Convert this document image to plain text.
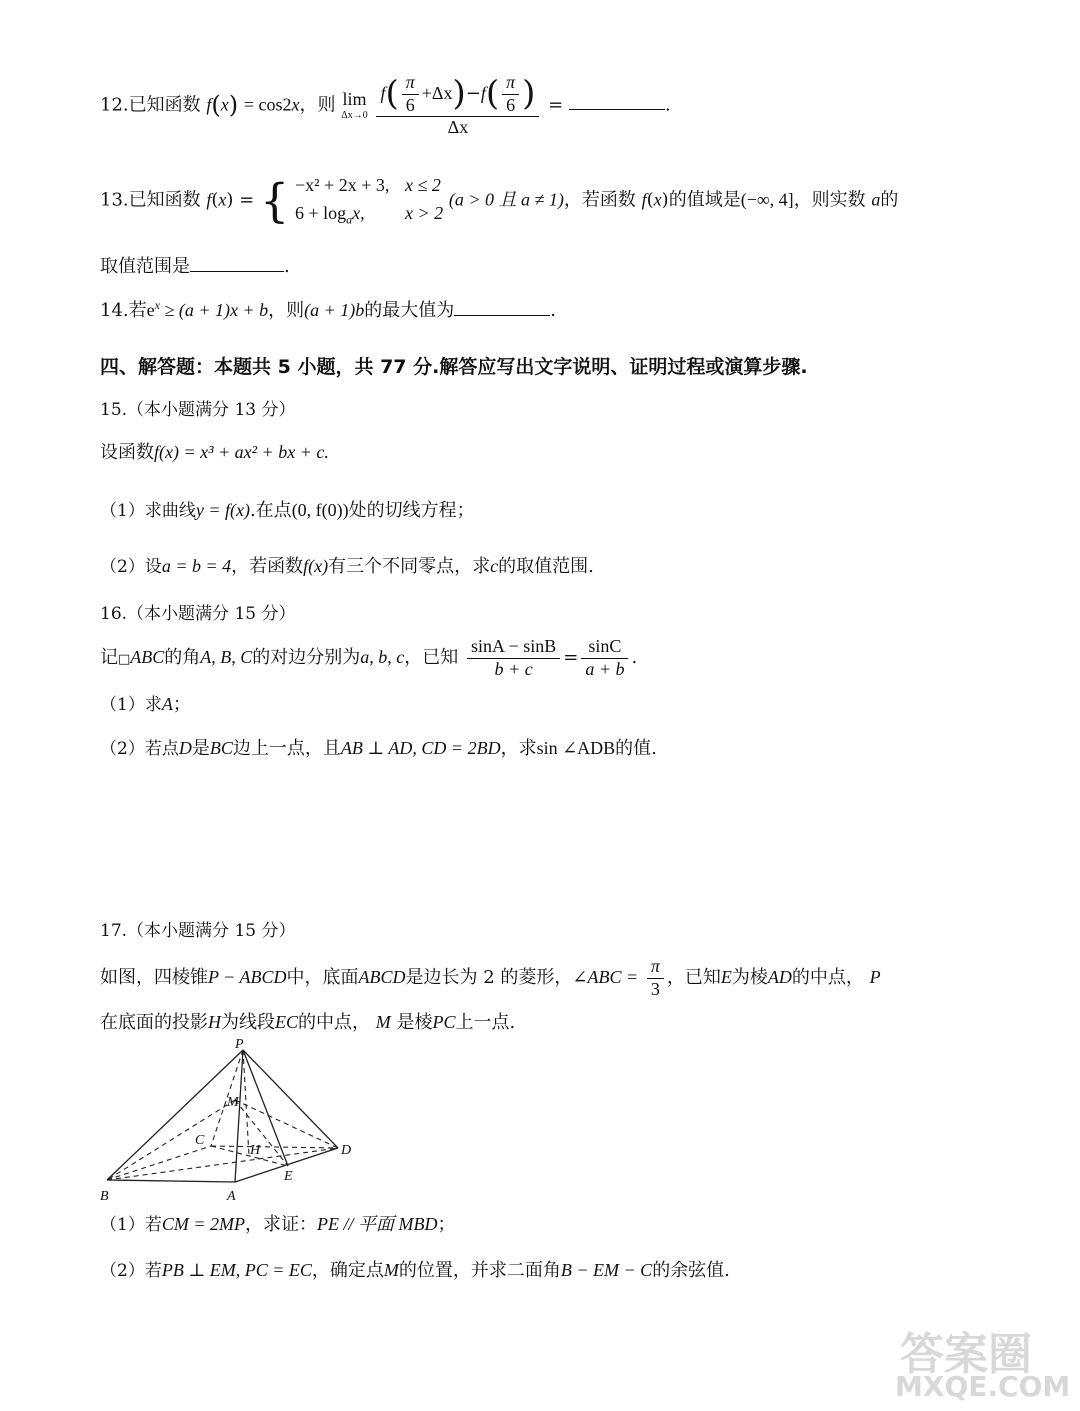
12.已知函数 f(x) = cos2x，则 lim
Δx→0
$\frac{f( \frac{\pi}{6} +\Delta x)-f( \frac{\pi}{6} )}{\Delta x}$ =	.
13.已知函数 f(x) = { −x² + 2x + 3, x ≤ 2
$6 + \log_ax$, x > 2 (a > 0 且 a ≠ 1)，若函数 f(x)的值域是(−∞, 4]，则实数 a的
取值范围是	.
14.若$e^x \ge (a + 1)x + b$，则(a + 1)b的最大值为	.
四、解答题：本题共 5 小题，共 77 分.解答应写出文字说明、证明过程或演算步骤.
15.（本小题满分 13 分）
设函数f(x) = x³ + ax² + bx + c.
（1）求曲线y = f(x).在点(0, f(0))处的切线方程；
（2）设a = b = 4，若函数f(x)有三个不同零点，求c的取值范围.
16.（本小题满分 15 分）
记□ABC的角A, B, C的对边分别为a, b, c，已知 $\frac{\sin A - \sin B}{b + c} = \frac{\sin C}{a + b}$ .
（1）求A；
（2）若点D是BC边上一点，且AB ⊥ AD, CD = 2BD，求sin ∠ADB的值.
17.（本小题满分 15 分）
如图，四棱锥P − ABCD中，底面ABCD是边长为 2 的菱形，∠ABC = $\frac{\pi}{3}$ ，已知E为棱AD的中点， P
在底面的投影H为线段EC的中点， M 是棱PC上一点.
P
M
C
H	D
E
B	A
（1）若CM = 2MP，求证：PE // 平面 MBD；
（2）若PB ⊥ EM, PC = EC，确定点M的位置，并求二面角B − EM − C的余弦值.
答案圈
MXQE.COM
